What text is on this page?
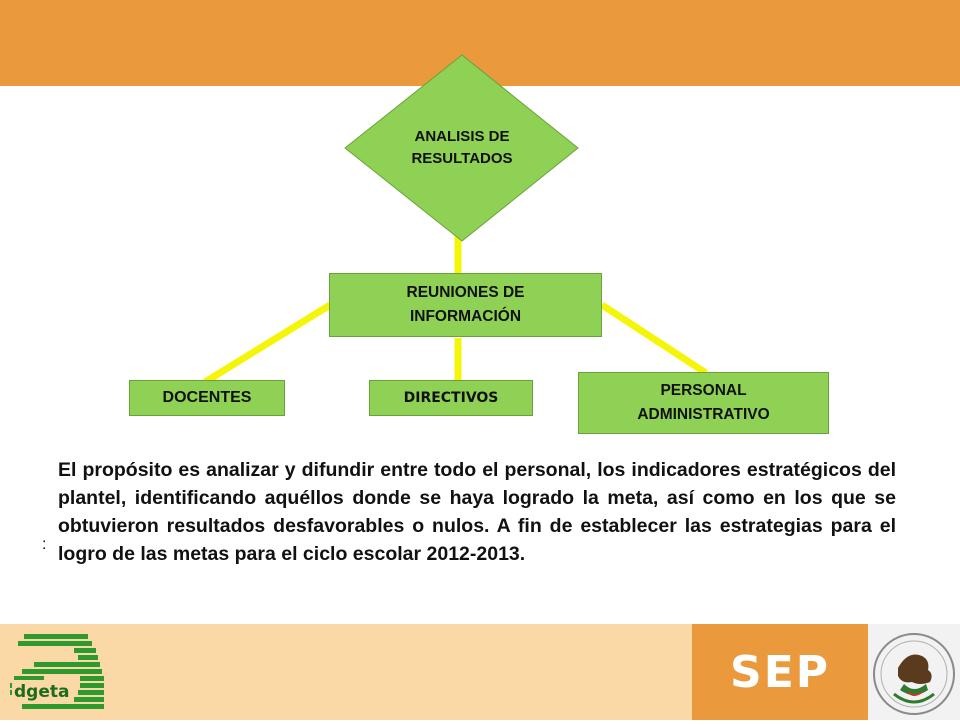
ANALISIS DE RESULTADOS
REUNIONES DE INFORMACIÓN
DOCENTES	DIRECTIVOS	PERSONAL ADMINISTRATIVO
:
El propósito es analizar y difundir entre todo el personal, los indicadores estratégicos del plantel, identificando aquéllos donde se haya logrado la meta, así como en los que se obtuvieron resultados desfavorables o nulos. A fin de establecer las estrategias para el logro de las metas para el ciclo escolar 2012-2013.
dgeta	SEP
